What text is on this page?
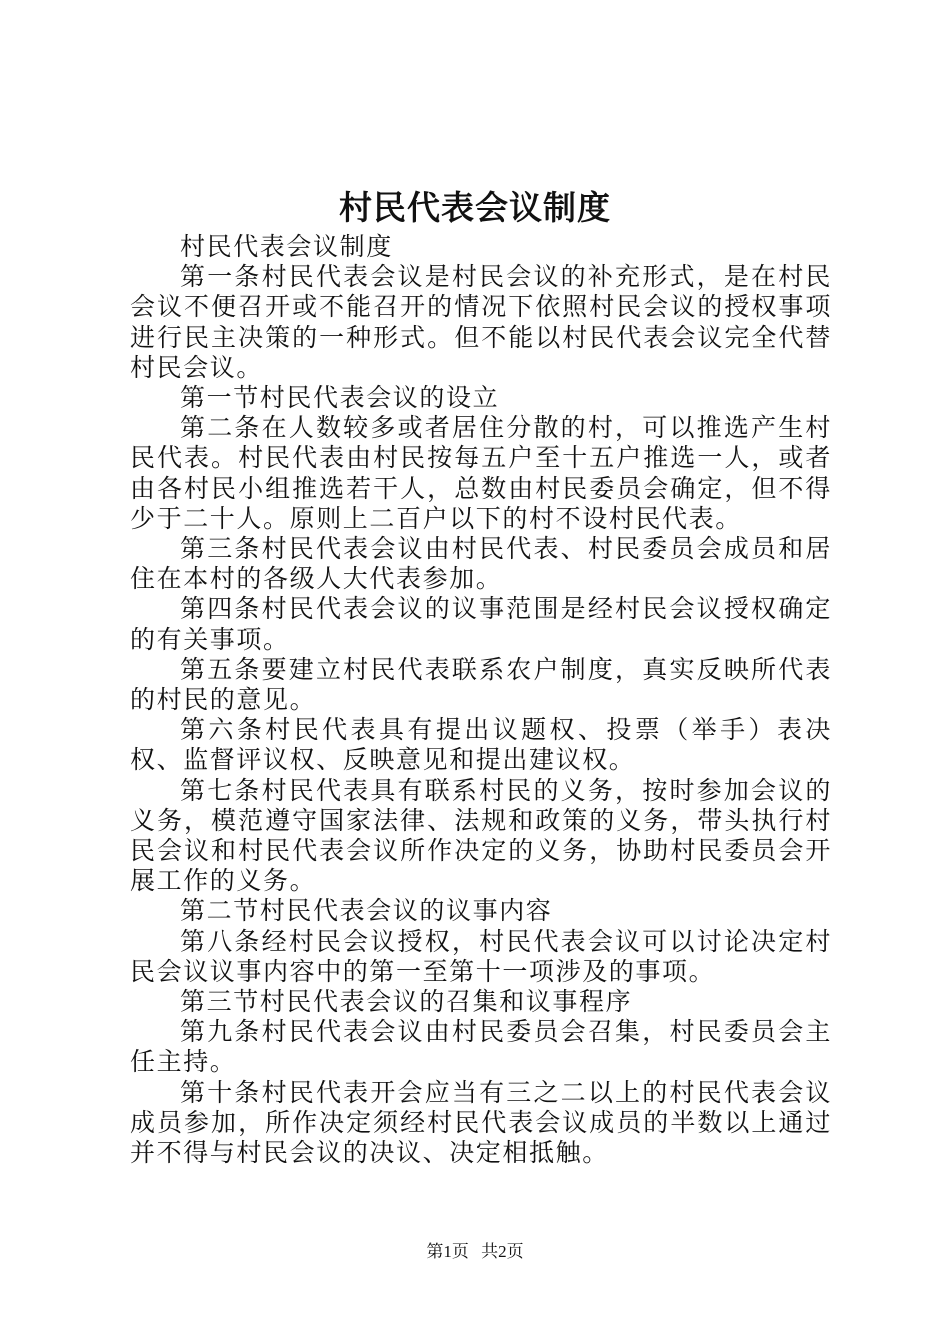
村民代表会议制度

村民代表会议制度

第一条村民代表会议是村民会议的补充形式，是在村民会议不便召开或不能召开的情况下依照村民会议的授权事项进行民主决策的一种形式。但不能以村民代表会议完全代替村民会议。

第一节村民代表会议的设立

第二条在人数较多或者居住分散的村，可以推选产生村民代表。村民代表由村民按每五户至十五户推选一人，或者由各村民小组推选若干人，总数由村民委员会确定，但不得少于二十人。原则上二百户以下的村不设村民代表。

第三条村民代表会议由村民代表、村民委员会成员和居住在本村的各级人大代表参加。

第四条村民代表会议的议事范围是经村民会议授权确定的有关事项。

第五条要建立村民代表联系农户制度，真实反映所代表的村民的意见。

第六条村民代表具有提出议题权、投票（举手）表决权、监督评议权、反映意见和提出建议权。

第七条村民代表具有联系村民的义务，按时参加会议的义务，模范遵守国家法律、法规和政策的义务，带头执行村民会议和村民代表会议所作决定的义务，协助村民委员会开展工作的义务。

第二节村民代表会议的议事内容

第八条经村民会议授权，村民代表会议可以讨论决定村民会议议事内容中的第一至第十一项涉及的事项。

第三节村民代表会议的召集和议事程序

第九条村民代表会议由村民委员会召集，村民委员会主任主持。

第十条村民代表开会应当有三之二以上的村民代表会议成员参加，所作决定须经村民代表会议成员的半数以上通过并不得与村民会议的决议、决定相抵触。

第1页 共2页
